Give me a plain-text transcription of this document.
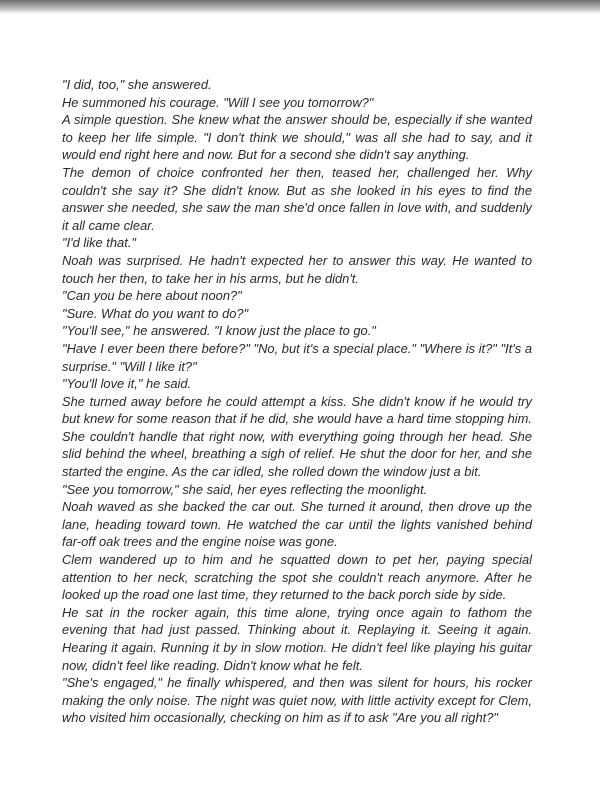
"I did, too," she answered.

He summoned his courage. "Will I see you tomorrow?"

A simple question. She knew what the answer should be, especially if she wanted to keep her life simple. "I don't think we should," was all she had to say, and it would end right here and now. But for a second she didn't say anything.

The demon of choice confronted her then, teased her, challenged her. Why couldn't she say it? She didn't know. But as she looked in his eyes to find the answer she needed, she saw the man she'd once fallen in love with, and suddenly it all came clear.

"I'd like that."

Noah was surprised. He hadn't expected her to answer this way. He wanted to touch her then, to take her in his arms, but he didn't.

"Can you be here about noon?"

"Sure. What do you want to do?"

"You'll see," he answered. "I know just the place to go."

"Have I ever been there before?" "No, but it's a special place." "Where is it?" "It's a surprise." "Will I like it?"

"You'll love it," he said.

She turned away before he could attempt a kiss. She didn't know if he would try but knew for some reason that if he did, she would have a hard time stopping him. She couldn't handle that right now, with everything going through her head. She slid behind the wheel, breathing a sigh of relief. He shut the door for her, and she started the engine. As the car idled, she rolled down the window just a bit.

"See you tomorrow," she said, her eyes reflecting the moonlight.

Noah waved as she backed the car out. She turned it around, then drove up the lane, heading toward town. He watched the car until the lights vanished behind far-off oak trees and the engine noise was gone.

Clem wandered up to him and he squatted down to pet her, paying special attention to her neck, scratching the spot she couldn't reach anymore. After he looked up the road one last time, they returned to the back porch side by side.

He sat in the rocker again, this time alone, trying once again to fathom the evening that had just passed. Thinking about it. Replaying it. Seeing it again. Hearing it again. Running it by in slow motion. He didn't feel like playing his guitar now, didn't feel like reading. Didn't know what he felt.

"She's engaged," he finally whispered, and then was silent for hours, his rocker making the only noise. The night was quiet now, with little activity except for Clem, who visited him occasionally, checking on him as if to ask "Are you all right?"
